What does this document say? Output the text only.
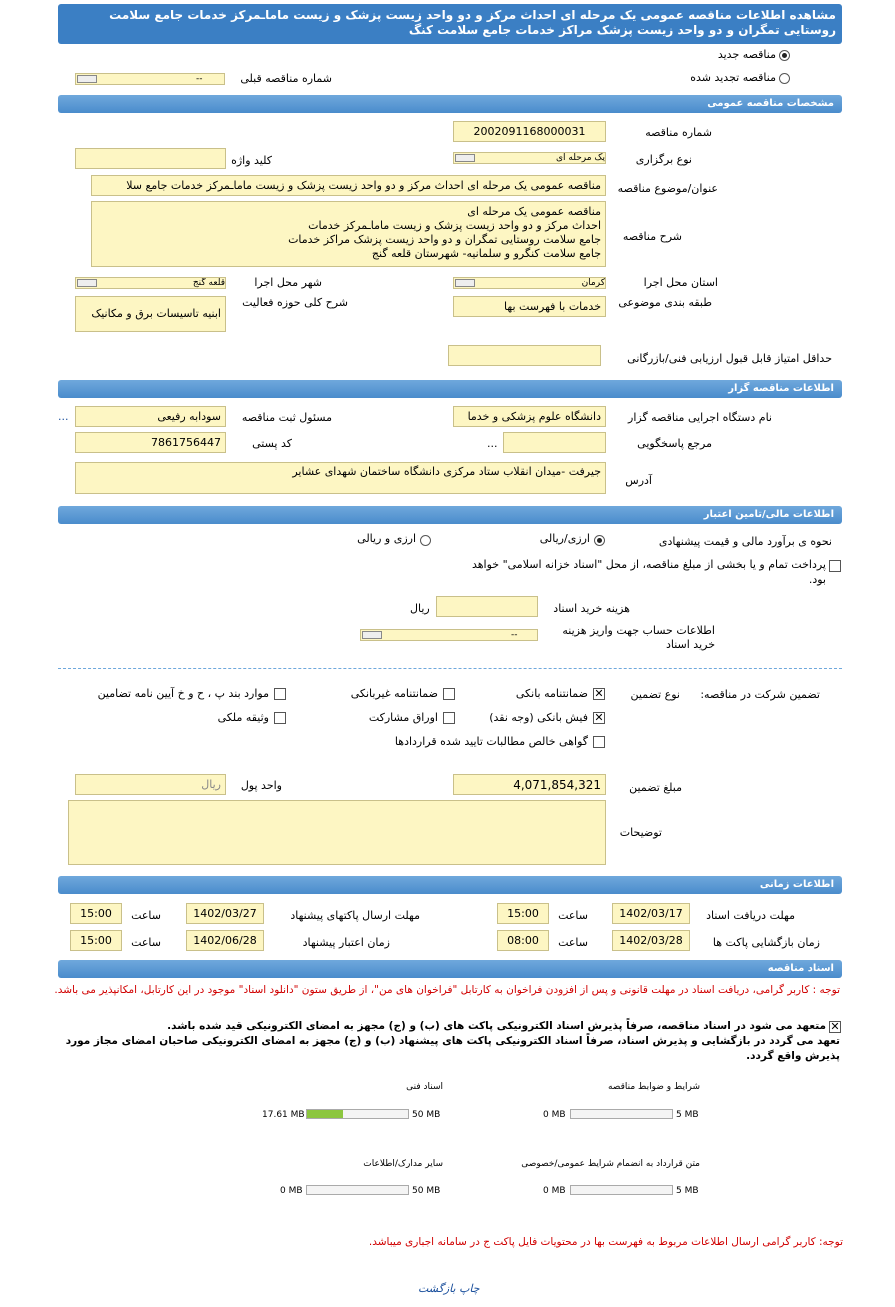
مشاهده اطلاعات مناقصه عمومی یک مرحله ای احداث مرکز و دو واحد زیست پزشک و زیست ماماـمرکز خدمات جامع سلامت روستایی تمگران و دو واحد زیست پزشک مراکز خدمات جامع سلامت کنگ
مناقصه جدید
مناقصه تجدید شده
شماره مناقصه قبلی
--
مشخصات مناقصه عمومی
شماره مناقصه
2002091168000031
نوع برگزاری
یک مرحله ای
کلید واژه
عنوان/موضوع مناقصه
مناقصه عمومی یک مرحله ای احداث مرکز و دو واحد زیست پزشک و زیست ماماـمرکز خدمات جامع سلا
شرح مناقصه
مناقصه عمومی یک مرحله ای
احداث مرکز و دو واحد زیست پزشک و زیست ماماـمرکز خدمات
جامع سلامت روستایی تمگران و دو واحد زیست پزشک مراکز خدمات
جامع سلامت کنگرو و سلمانیه- شهرستان قلعه گنج
استان محل اجرا
کرمان
شهر محل اجرا
قلعه گنج
طبقه بندی موضوعی
خدمات با فهرست بها
شرح کلی حوزه فعالیت
ابنیه تاسیسات برق و مکانیک
حداقل امتیاز قابل قبول ارزیابی فنی/بازرگانی
اطلاعات مناقصه گزار
نام دستگاه اجرایی مناقصه گزار
دانشگاه علوم پزشکی و خدما
مسئول ثبت مناقصه
سودابه رفیعی
...
مرجع پاسخگویی
...
کد پستی
7861756447
آدرس
جیرفت -میدان انقلاب ستاد مرکزی دانشگاه ساختمان شهدای عشایر
اطلاعات مالی/تامین اعتبار
نحوه ی برآورد مالی و قیمت پیشنهادی
ارزی/ریالی
ارزی و ریالی
پرداخت تمام و یا بخشی از مبلغ مناقصه، از محل "اسناد خزانه اسلامی" خواهد بود.
هزینه خرید اسناد
ریال
اطلاعات حساب جهت واریز هزینه خرید اسناد
--
تضمین شرکت در مناقصه:
نوع تضمین
✕
ضمانتنامه بانکی
ضمانتنامه غیربانکی
موارد بند پ ، ح و خ آیین نامه تضامین
✕
فیش بانکی (وجه نقد)
اوراق مشارکت
وثیقه ملکی
گواهی خالص مطالبات تایید شده قراردادها
مبلغ تضمین
4,071,854,321
واحد پول
ریال
توضیحات
اطلاعات زمانی
مهلت دریافت اسناد
1402/03/17
ساعت
15:00
مهلت ارسال پاکتهای پیشنهاد
1402/03/27
ساعت
15:00
زمان بازگشایی پاکت ها
1402/03/28
ساعت
08:00
زمان اعتبار پیشنهاد
1402/06/28
ساعت
15:00
اسناد مناقصه
توجه : کاربر گرامی، دریافت اسناد در مهلت قانونی و پس از افزودن فراخوان به کارتابل "فراخوان های من"، از طریق ستون "دانلود اسناد" موجود در این کارتابل، امکانپذیر می باشد.
✕
متعهد می شود در اسناد مناقصه، صرفاً پذیرش اسناد الکترونیکی پاکت های (ب) و (ج) مجهز به امضای الکترونیکی قید شده باشد.
تعهد می گردد در بازگشایی و پذیرش اسناد، صرفاً اسناد الکترونیکی پاکت های پیشنهاد (ب) و (ج) مجهز به امضای الکترونیکی صاحبان امضای مجاز مورد پذیرش واقع گردد.
شرایط و ضوابط مناقصه
5 MB
0 MB
اسناد فنی
50 MB
17.61 MB
متن قرارداد به انضمام شرایط عمومی/خصوصی
5 MB
0 MB
سایر مدارک/اطلاعات
50 MB
0 MB
توجه: کاربر گرامی ارسال اطلاعات مربوط به فهرست بها در محتویات فایل پاکت ج در سامانه اجباری میباشد.
چاپ بازگشت
